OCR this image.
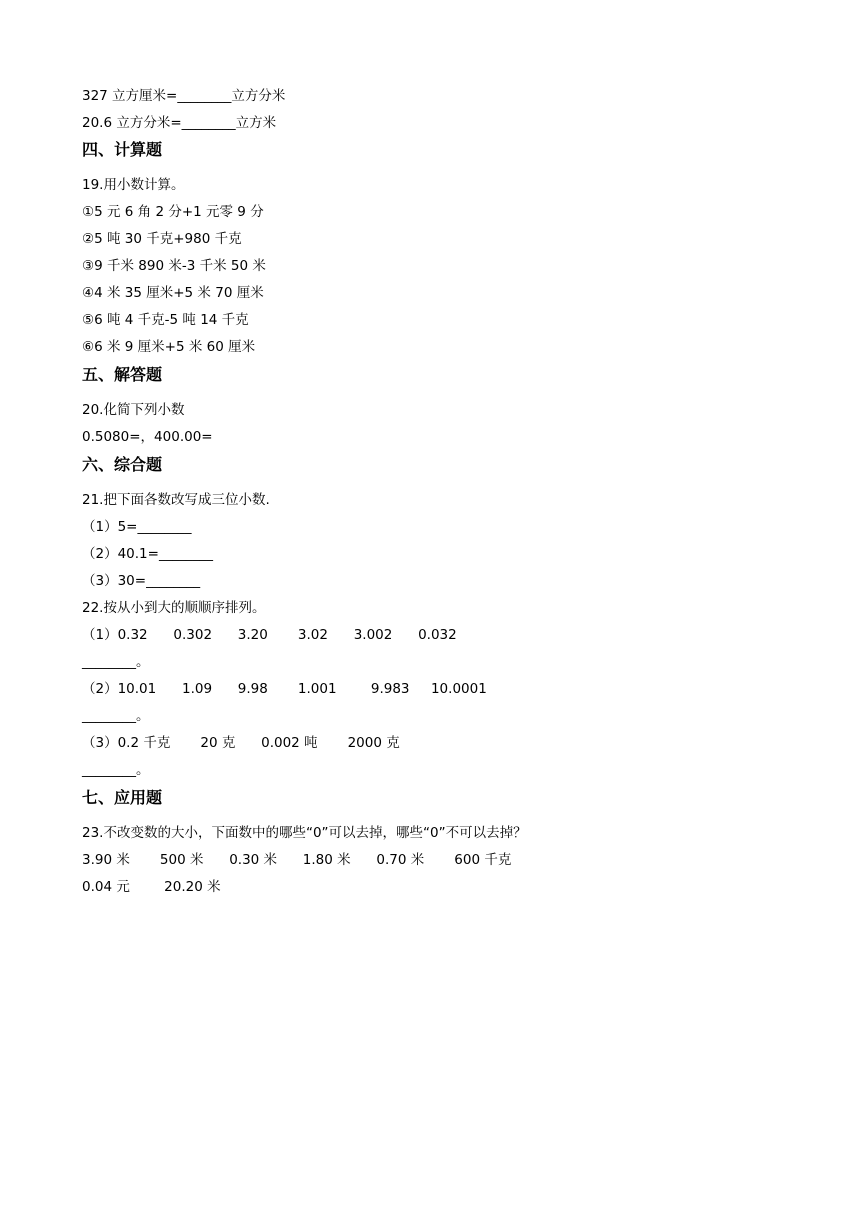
327 立方厘米=________立方分米
20.6 立方分米=________立方米
四、计算题
19.用小数计算。
①5 元 6 角 2 分+1 元零 9 分
②5 吨 30 千克+980 千克
③9 千米 890 米-3 千米 50 米
④4 米 35 厘米+5 米 70 厘米
⑤6 吨 4 千克-5 吨 14 千克
⑥6 米 9 厘米+5 米 60 厘米
五、解答题
20.化简下列小数
0.5080=，400.00=
六、综合题
21.把下面各数改写成三位小数.
（1）5=________
（2）40.1=________
（3）30=________
22.按从小到大的顺顺序排列。
（1）0.32      0.302      3.20       3.02      3.002      0.032
________。
（2）10.01      1.09      9.98       1.001        9.983     10.0001
________。
（3）0.2 千克       20 克      0.002 吨       2000 克
________。
七、应用题
23.不改变数的大小，下面数中的哪些“0”可以去掉，哪些“0”不可以去掉？
3.90 米       500 米      0.30 米      1.80 米      0.70 米       600 千克
0.04 元        20.20 米
